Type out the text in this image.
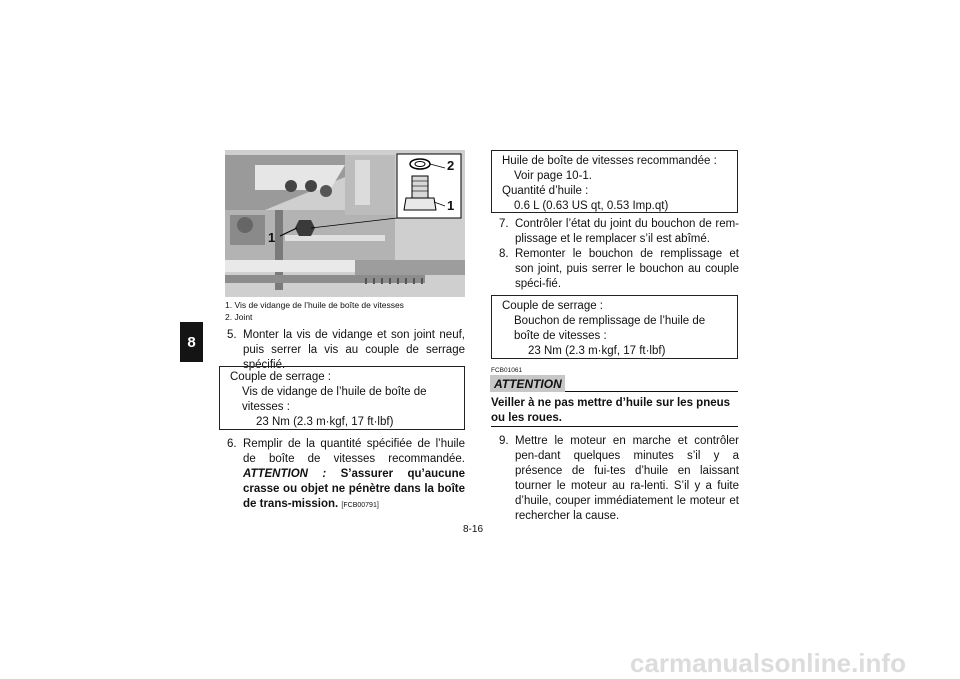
8
1
2
1
1. Vis de vidange de l’huile de boîte de vitesses
2. Joint
5. Monter la vis de vidange et son joint neuf, puis serrer la vis au couple de serrage spécifié.
Couple de serrage :
Vis de vidange de l’huile de boîte de vitesses :
23 Nm (2.3 m·kgf, 17 ft·lbf)
6. Remplir de la quantité spécifiée de l’huile de boîte de vitesses recommandée. ATTENTION : S’assurer qu’aucune crasse ou objet ne pénètre dans la boîte de trans-mission. [FCB00791]
Huile de boîte de vitesses recommandée :
Voir page 10-1.
Quantité d’huile :
0.6 L (0.63 US qt, 0.53 Imp.qt)
7. Contrôler l’état du joint du bouchon de rem-plissage et le remplacer s’il est abîmé.
8. Remonter le bouchon de remplissage et son joint, puis serrer le bouchon au couple spéci-fié.
Couple de serrage :
Bouchon de remplissage de l’huile de boîte de vitesses :
23 Nm (2.3 m·kgf, 17 ft·lbf)
FCB01061
ATTENTION
Veiller à ne pas mettre d’huile sur les pneus ou les roues.
9. Mettre le moteur en marche et contrôler pen-dant quelques minutes s’il y a présence de fui-tes d’huile en laissant tourner le moteur au ra-lenti. S’il y a fuite d’huile, couper immédiatement le moteur et rechercher la cause.
8-16
carmanualsonline.info
